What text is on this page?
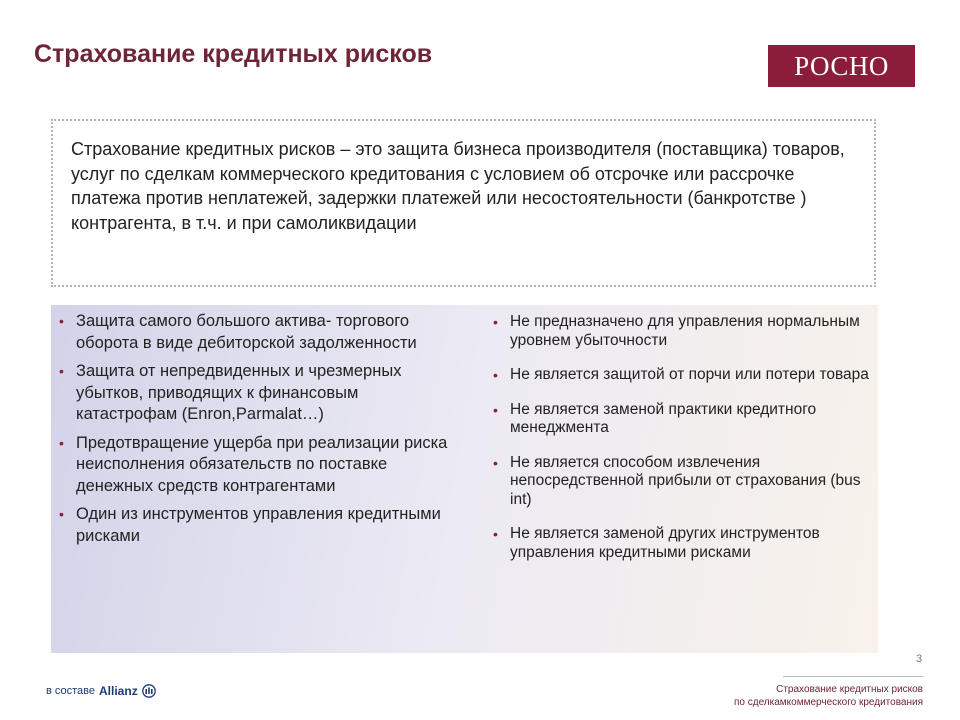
Страхование кредитных рисков	РОСНО

Страхование кредитных рисков – это защита бизнеса производителя (поставщика) товаров, услуг по сделкам коммерческого кредитования с условием об отсрочке или рассрочке платежа против неплатежей, задержки платежей или несостоятельности (банкротстве ) контрагента, в т.ч. и при самоликвидации

• Защита самого большого актива- торгового оборота в виде дебиторской задолженности
• Защита от непредвиденных и чрезмерных убытков, приводящих к финансовым катастрофам (Enron,Parmalat…)
• Предотвращение ущерба при реализации риска неисполнения обязательств по поставке денежных средств контрагентами
• Один из инструментов управления кредитными рисками
• Не предназначено для управления нормальным уровнем убыточности
• Не является защитой от порчи или потери товара
• Не является заменой практики кредитного менеджмента
• Не является способом извлечения непосредственной прибыли от страхования (bus int)
• Не является заменой других инструментов управления кредитными рисками
3
в составе Allianz	Страхование кредитных рисков
по сделкамкоммерческого кредитования
